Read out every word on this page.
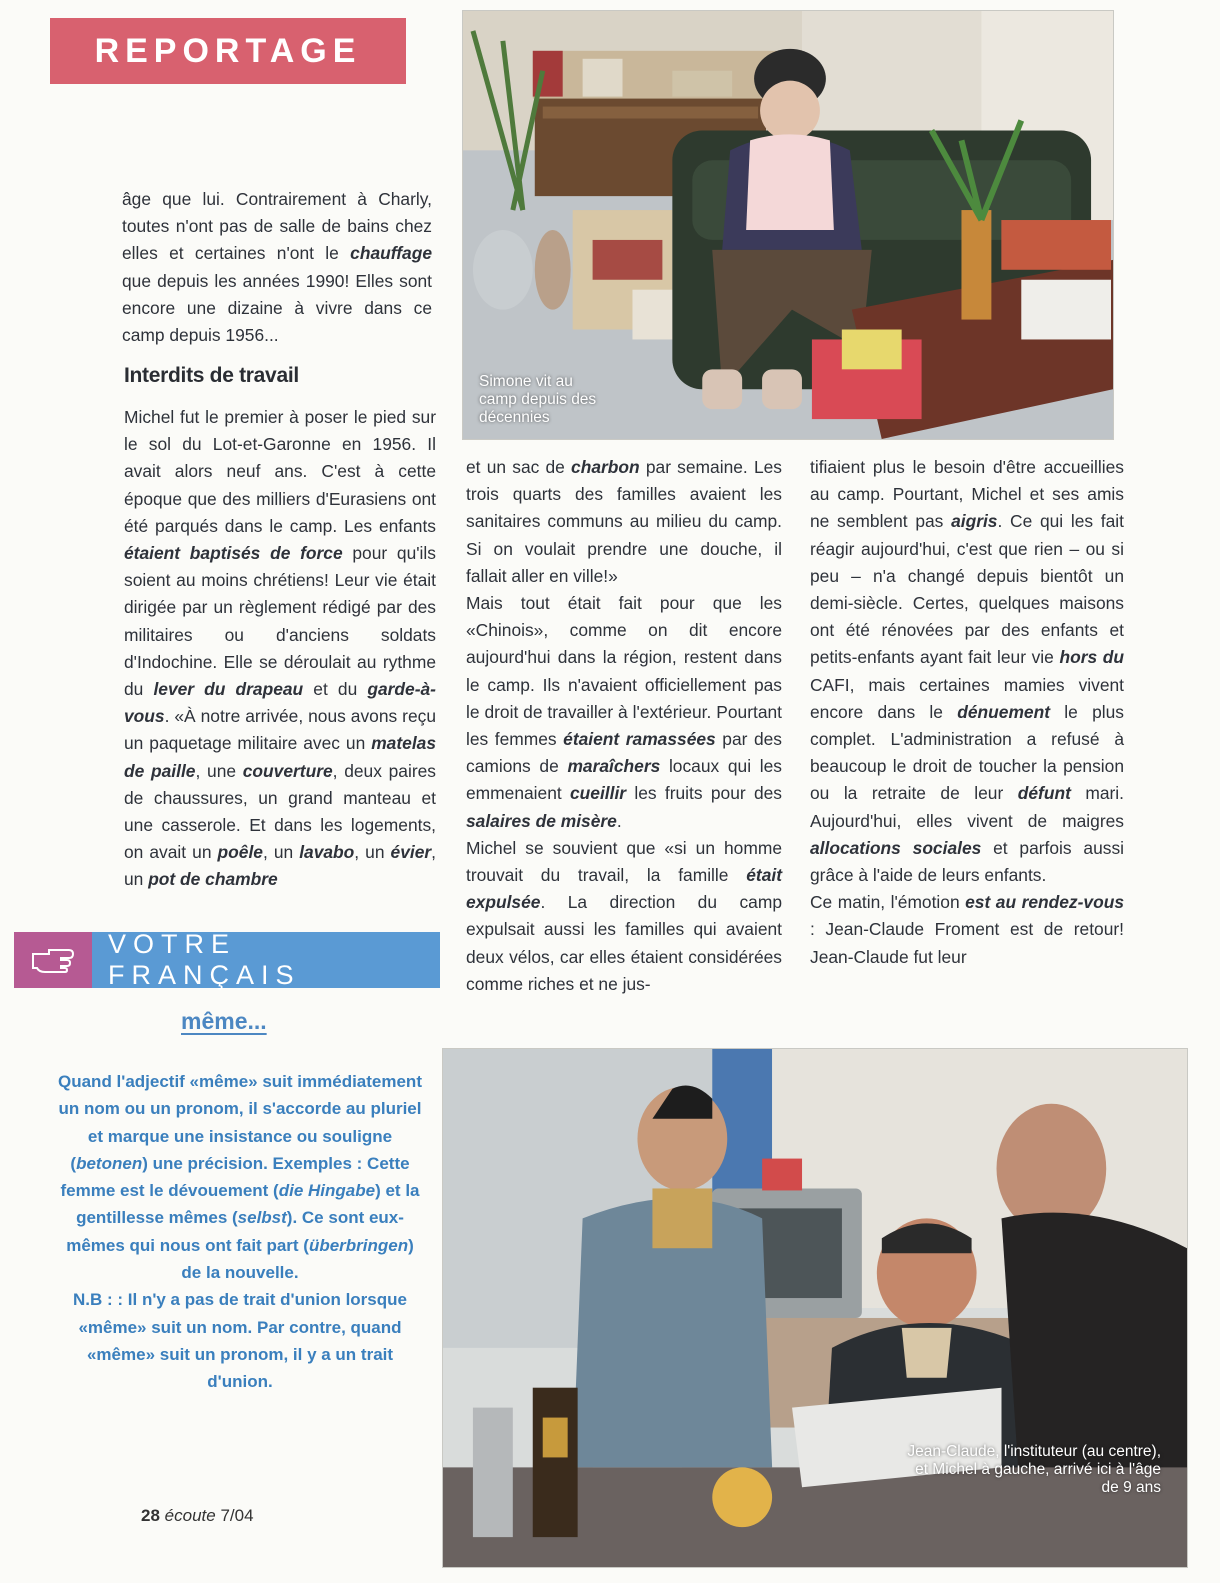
REPORTAGE

âge que lui. Contrairement à Charly, toutes n'ont pas de salle de bains chez elles et certaines n'ont le chauffage que depuis les années 1990! Elles sont encore une dizaine à vivre dans ce camp depuis 1956...

Interdits de travail	Simone vit au camp depuis des décennies

Michel fut le premier à poser le pied sur le sol du Lot-et-Garonne en 1956. Il avait alors neuf ans. C'est à cette époque que des milliers d'Eurasiens ont été parqués dans le camp. Les enfants étaient baptisés de force pour qu'ils soient au moins chrétiens! Leur vie était dirigée par un règlement rédigé par des militaires ou d'anciens soldats d'Indochine. Elle se déroulait au rythme du lever du drapeau et du garde-à-vous. «À notre arrivée, nous avons reçu un paquetage militaire avec un matelas de paille, une couverture, deux paires de chaussures, un grand manteau et une casserole. Et dans les logements, on avait un poêle, un lavabo, un évier, un pot de chambre

et un sac de charbon par semaine. Les trois quarts des familles avaient les sanitaires communs au milieu du camp. Si on voulait prendre une douche, il fallait aller en ville!»

Mais tout était fait pour que les «Chinois», comme on dit encore aujourd'hui dans la région, restent dans le camp. Ils n'avaient officiellement pas le droit de travailler à l'extérieur. Pourtant les femmes étaient ramassées par des camions de maraîchers locaux qui les emmenaient cueillir les fruits pour des salaires de misère.

Michel se souvient que «si un homme trouvait du travail, la famille était expulsée. La direction du camp expulsait aussi les familles qui avaient deux vélos, car elles étaient considérées comme riches et ne jus-

tifiaient plus le besoin d'être accueillies au camp. Pourtant, Michel et ses amis ne semblent pas aigris. Ce qui les fait réagir aujourd'hui, c'est que rien – ou si peu – n'a changé depuis bientôt un demi-siècle. Certes, quelques maisons ont été rénovées par des enfants et petits-enfants ayant fait leur vie hors du CAFI, mais certaines mamies vivent encore dans le dénuement le plus complet. L'administration a refusé à beaucoup le droit de toucher la pension ou la retraite de leur défunt mari. Aujourd'hui, elles vivent de maigres allocations sociales et parfois aussi grâce à l'aide de leurs enfants.

Ce matin, l'émotion est au rendez-vous : Jean-Claude Froment est de retour! Jean-Claude fut leur

VOTRE FRANÇAIS
même...
Quand l'adjectif «même» suit immédiatement un nom ou un pronom, il s'accorde au pluriel et marque une insistance ou souligne (betonen) une précision. Exemples : Cette femme est le dévouement (die Hingabe) et la gentillesse mêmes (selbst). Ce sont eux-mêmes qui nous ont fait part (überbringen) de la nouvelle.
N.B : : Il n'y a pas de trait d'union lorsque «même» suit un nom. Par contre, quand «même» suit un pronom, il y a un trait d'union.
Jean-Claude, l'instituteur (au centre), et Michel à gauche, arrivé ici à l'âge de 9 ans
28 écoute 7/04
